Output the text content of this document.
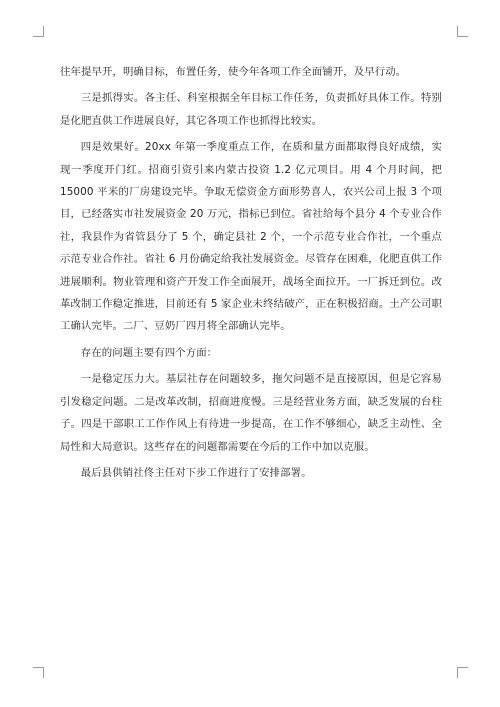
往年提早开，明确目标，布置任务，使今年各项工作全面铺开，及早行动。

三是抓得实。各主任、科室根据全年目标工作任务，负责抓好具体工作。特别是化肥直供工作进展良好，其它各项工作也抓得比较实。

四是效果好。20xx 年第一季度重点工作，在质和量方面都取得良好成绩，实现一季度开门红。招商引资引来内蒙古投资 1.2 亿元项目。用 4 个月时间，把 15000 平米的厂房建设完毕。争取无偿资金方面形势喜人，农兴公司上报 3 个项目，已经落实市社发展资金 20 万元，指标已到位。省社给每个县分 4 个专业合作社，我县作为省管县分了 5 个，确定县社 2 个，一个示范专业合作社，一个重点示范专业合作社。省社 6 月份确定给我社发展资金。尽管存在困难，化肥直供工作进展顺利。物业管理和资产开发工作全面展开，战场全面拉开。一厂拆迁到位。改革改制工作稳定推进，目前还有 5 家企业未终结破产，正在积极招商。土产公司职工确认完毕。二厂、豆奶厂四月将全部确认完毕。

存在的问题主要有四个方面：

一是稳定压力大。基层社存在问题较多，拖欠问题不是直接原因，但是它容易引发稳定问题。二是改革改制，招商进度慢。三是经营业务方面，缺乏发展的台柱子。四是干部职工工作作风上有待进一步提高，在工作不够细心，缺乏主动性、全局性和大局意识。这些存在的问题都需要在今后的工作中加以克服。

最后县供销社佟主任对下步工作进行了安排部署。
